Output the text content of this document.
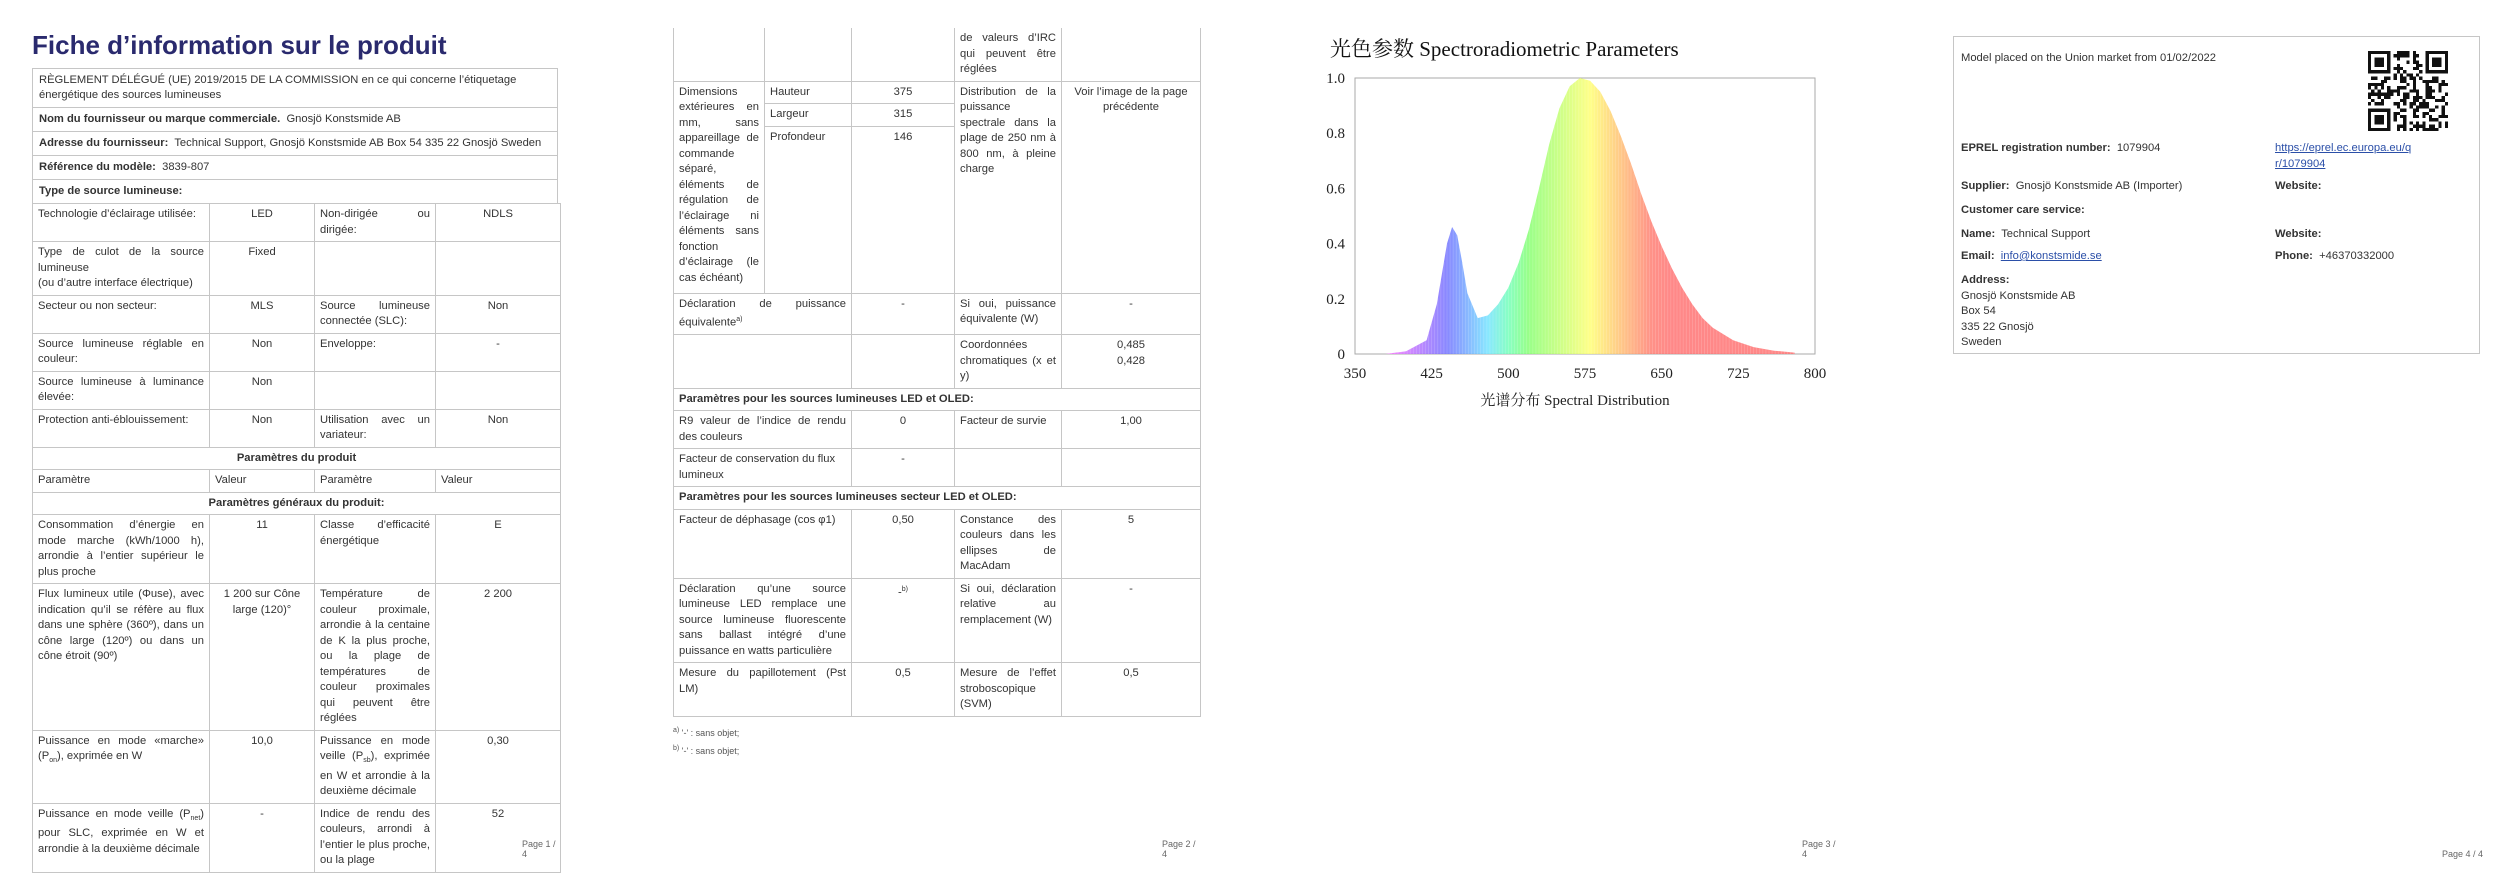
Fiche d’information sur le produit
RÈGLEMENT DÉLÉGUÉ (UE) 2019/2015 DE LA COMMISSION en ce qui concerne l’étiquetage énergétique des sources lumineuses
Nom du fournisseur ou marque commerciale. Gnosjö Konstsmide AB
Adresse du fournisseur: Technical Support, Gnosjö Konstsmide AB Box 54 335 22 Gnosjö Sweden
Référence du modèle: 3839-807
Type de source lumineuse:
Technologie d’éclairage utilisée:	LED	Non-dirigée ou dirigée:	NDLS
Type de culot de la source lumineuse
(ou d’autre interface électrique)	Fixed		
Secteur ou non secteur:	MLS	Source lumineuse connectée (SLC):	Non
Source lumineuse réglable en couleur:	Non	Enveloppe:	-
Source lumineuse à luminance élevée:	Non		
Protection anti-éblouissement:	Non	Utilisation avec un variateur:	Non
Paramètres du produit			
Paramètre	Valeur	Paramètre	Valeur
Paramètres généraux du produit:			
Consommation d’énergie en mode marche (kWh/1000 h), arrondie à l’entier supérieur le plus proche	11	Classe d’efficacité énergétique	E
Flux lumineux utile (Φuse), avec indication qu’il se réfère au flux dans une sphère (360º), dans un cône large (120º) ou dans un cône étroit (90º)	1 200 sur Cône large (120)°	Température de couleur proximale, arrondie à la centaine de K la plus proche, ou la plage de températures de couleur proximales qui peuvent être réglées	2 200
Puissance en mode «marche» $(P_{on})$, exprimée en W	10,0	Puissance en mode veille $(P_{sb})$, exprimée en W et arrondie à la deuxième décimale	0,30
Puissance en mode veille $(P_{net})$ pour SLC, exprimée en W et arrondie à la deuxième décimale	-	Indice de rendu des couleurs, arrondi à l’entier le plus proche, ou la plage	52
Page 1 / 4
			de valeurs d’IRC qui peuvent être réglées	
Dimensions extérieures en mm, sans appareillage de commande séparé, éléments de régulation de l’éclairage ni éléments sans fonction d’éclairage (le cas échéant)	Hauteur	375	Distribution de la puissance spectrale dans la plage de 250 nm à 800 nm, à pleine charge	Voir l’image de la page précédente
	Largeur	315		
	Profondeur	146		
Déclaration de puissance équivalente$^{a)}$		-	Si oui, puissance équivalente (W)	-
			Coordonnées chromatiques (x et y)	0,485
0,428

Paramètres pour les sources lumineuses LED et OLED:				
R9 valeur de l’indice de rendu des couleurs		0	Facteur de survie	1,00
Facteur de conservation du flux lumineux		-		
Paramètres pour les sources lumineuses secteur LED et OLED:				
Facteur de déphasage (cos φ1)		0,50	Constance des couleurs dans les ellipses de MacAdam	5
Déclaration qu’une source lumineuse LED remplace une source lumineuse fluorescente sans ballast intégré d’une puissance en watts particulière		-$^{b)}$	Si oui, déclaration relative au remplacement (W)	-
Mesure du papillotement (Pst LM)		0,5	Mesure de l’effet stroboscopique (SVM)	0,5
$^{a)}$ '-' : sans objet;
$^{b)}$ '-' : sans objet;
Page 2 / 4
光色参数 Spectroradiometric Parameters
350	425	500	575	650	725	800
0
0.2
0.4
0.6
0.8
1.0
光谱分布 Spectral Distribution
Page 3 / 4
Model placed on the Union market from 01/02/2022
EPREL registration number: 1079904	https://eprel.ec.europa.eu/qr/1079904
Supplier: Gnosjö Konstsmide AB (Importer)	Website:
Customer care service:
Name: Technical Support	Website:
Email: info@konstsmide.se	Phone: +46370332000
Address:
Gnosjö Konstsmide AB
Box 54
335 22 Gnosjö
Sweden
Page 4 / 4
